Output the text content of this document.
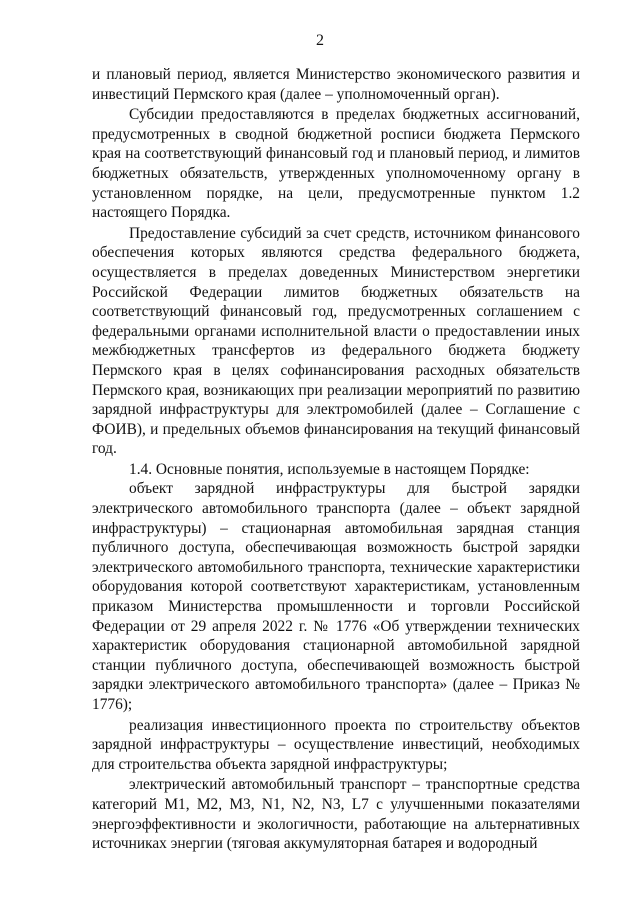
2

и плановый период, является Министерство экономического развития и инвестиций Пермского края (далее – уполномоченный орган).

Субсидии предоставляются в пределах бюджетных ассигнований, предусмотренных в сводной бюджетной росписи бюджета Пермского края на соответствующий финансовый год и плановый период, и лимитов бюджетных обязательств, утвержденных уполномоченному органу в установленном порядке, на цели, предусмотренные пунктом 1.2 настоящего Порядка.

Предоставление субсидий за счет средств, источником финансового обеспечения которых являются средства федерального бюджета, осуществляется в пределах доведенных Министерством энергетики Российской Федерации лимитов бюджетных обязательств на соответствующий финансовый год, предусмотренных соглашением с федеральными органами исполнительной власти о предоставлении иных межбюджетных трансфертов из федерального бюджета бюджету Пермского края в целях софинансирования расходных обязательств Пермского края, возникающих при реализации мероприятий по развитию зарядной инфраструктуры для электромобилей (далее – Соглашение с ФОИВ), и предельных объемов финансирования на текущий финансовый год.

1.4. Основные понятия, используемые в настоящем Порядке:

объект зарядной инфраструктуры для быстрой зарядки электрического автомобильного транспорта (далее – объект зарядной инфраструктуры) – стационарная автомобильная зарядная станция публичного доступа, обеспечивающая возможность быстрой зарядки электрического автомобильного транспорта, технические характеристики оборудования которой соответствуют характеристикам, установленным приказом Министерства промышленности и торговли Российской Федерации от 29 апреля 2022 г. № 1776 «Об утверждении технических характеристик оборудования стационарной автомобильной зарядной станции публичного доступа, обеспечивающей возможность быстрой зарядки электрического автомобильного транспорта» (далее – Приказ № 1776);

реализация инвестиционного проекта по строительству объектов зарядной инфраструктуры – осуществление инвестиций, необходимых для строительства объекта зарядной инфраструктуры;

электрический автомобильный транспорт – транспортные средства категорий M1, M2, M3, N1, N2, N3, L7 с улучшенными показателями энергоэффективности и экологичности, работающие на альтернативных источниках энергии (тяговая аккумуляторная батарея и водородный
